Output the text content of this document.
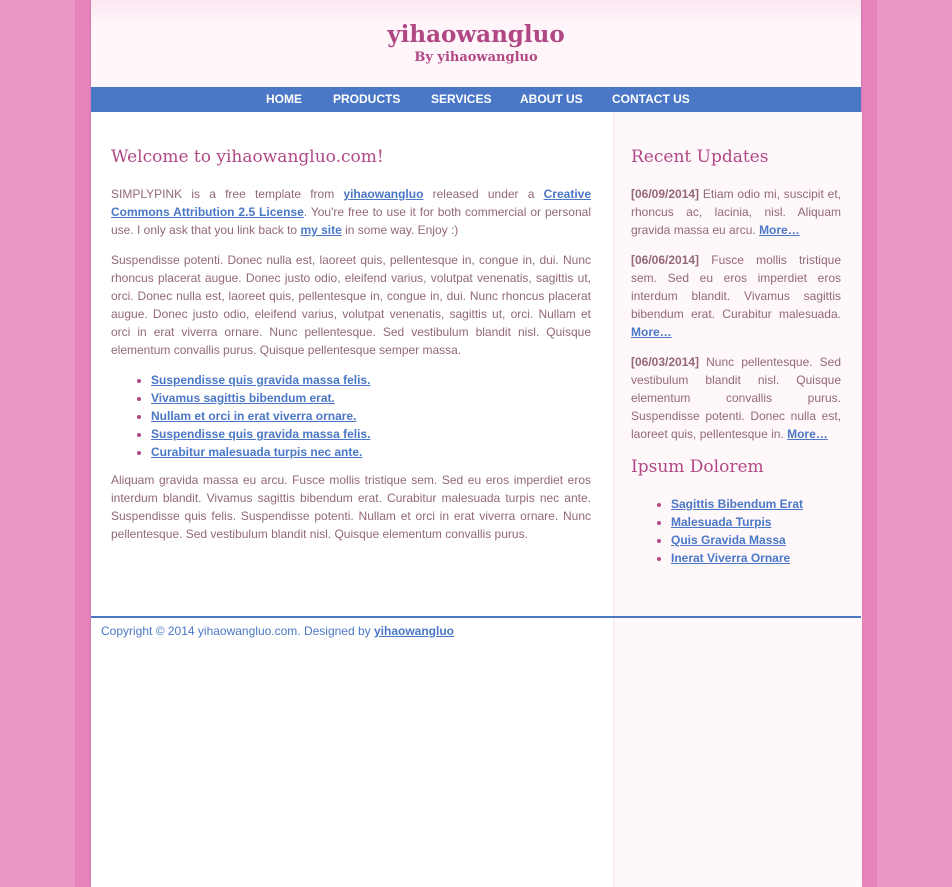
yihaowangluo
By yihaowangluo
HOME	PRODUCTS	SERVICES ABOUT US CONTACT US
Welcome to yihaowangluo.com!

SIMPLYPINK is a free template from yihaowangluo released under a Creative Commons Attribution 2.5 License. You're free to use it for both commercial or personal use. I only ask that you link back to my site in some way. Enjoy :)

Suspendisse potenti. Donec nulla est, laoreet quis, pellentesque in, congue in, dui. Nunc rhoncus placerat augue. Donec justo odio, eleifend varius, volutpat venenatis, sagittis ut, orci. Donec nulla est, laoreet quis, pellentesque in, congue in, dui. Nunc rhoncus placerat augue. Donec justo odio, eleifend varius, volutpat venenatis, sagittis ut, orci. Nullam et orci in erat viverra ornare. Nunc pellentesque. Sed vestibulum blandit nisl. Quisque elementum convallis purus. Quisque pellentesque semper massa.

• Suspendisse quis gravida massa felis.
• Vivamus sagittis bibendum erat.
• Nullam et orci in erat viverra ornare.
• Suspendisse quis gravida massa felis.
• Curabitur malesuada turpis nec ante.

Aliquam gravida massa eu arcu. Fusce mollis tristique sem. Sed eu eros imperdiet eros interdum blandit. Vivamus sagittis bibendum erat. Curabitur malesuada turpis nec ante. Suspendisse quis felis. Suspendisse potenti. Nullam et orci in erat viverra ornare. Nunc pellentesque. Sed vestibulum blandit nisl. Quisque elementum convallis purus.

Recent Updates

[06/09/2014] Etiam odio mi, suscipit et, rhoncus ac, lacinia, nisl. Aliquam gravida massa eu arcu. More…

[06/06/2014] Fusce mollis tristique sem. Sed eu eros imperdiet eros interdum blandit. Vivamus sagittis bibendum erat. Curabitur malesuada. More…

[06/03/2014] Nunc pellentesque. Sed vestibulum blandit nisl. Quisque elementum convallis purus. Suspendisse potenti. Donec nulla est, laoreet quis, pellentesque in. More…

Ipsum Dolorem
• Sagittis Bibendum Erat
• Malesuada Turpis
• Quis Gravida Massa
• Inerat Viverra Ornare
Copyright © 2014 yihaowangluo.com. Designed by yihaowangluo
